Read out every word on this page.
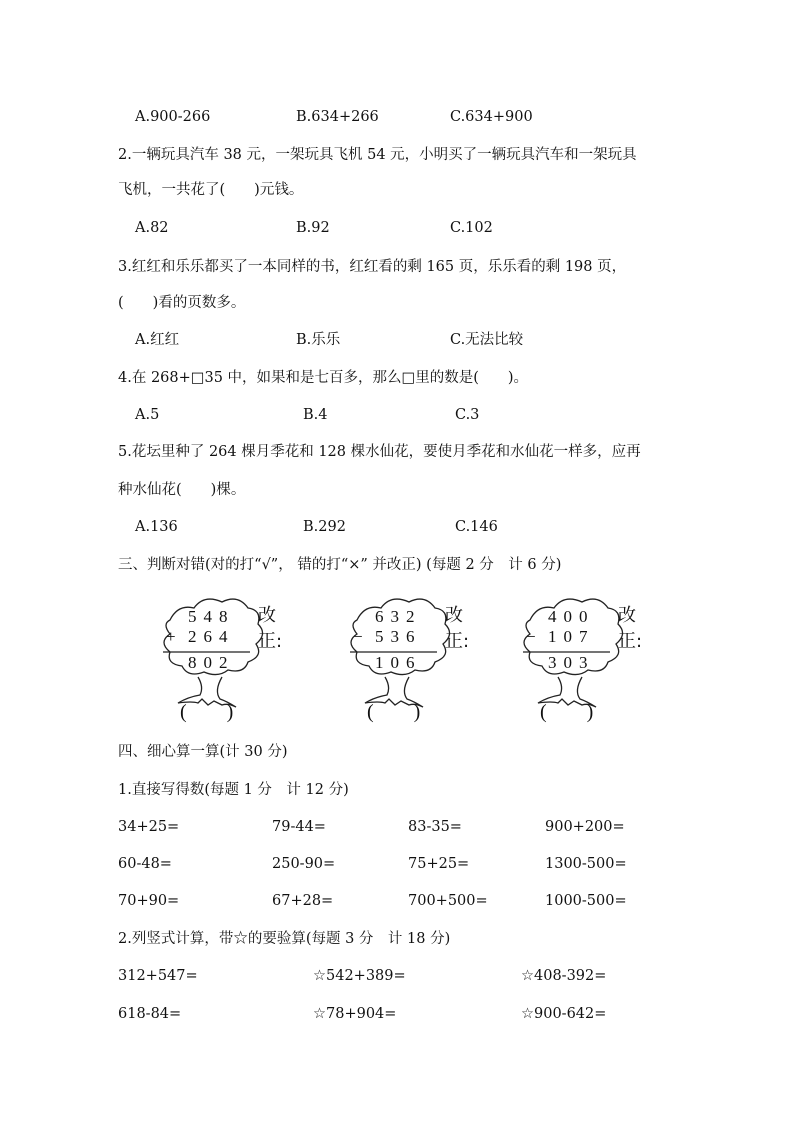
A.900-266	B.634+266	C.634+900
2.一辆玩具汽车 38 元，一架玩具飞机 54 元，小明买了一辆玩具汽车和一架玩具
飞机，一共花了(　　)元钱。
A.82	B.92	C.102
3.红红和乐乐都买了一本同样的书，红红看的剩 165 页，乐乐看的剩 198 页，
(　　)看的页数多。
A.红红	B.乐乐	C.无法比较
4.在 268+□35 中，如果和是七百多，那么□里的数是(　　)。
A.5	B.4	C.3
5.花坛里种了 264 棵月季花和 128 棵水仙花，要使月季花和水仙花一样多，应再
种水仙花(　　)棵。
A.136	B.292	C.146
三、判断对错(对的打“√”， 错的打“×” 并改正) (每题 2 分　计 6 分)
548
+ 264
802
改正:
(　　)
632
− 536
106
改正:
(　　)
400
− 107
303
改正:
(　　)
四、细心算一算(计 30 分)
1.直接写得数(每题 1 分　计 12 分)
34+25=	79-44=	83-35=	900+200=
60-48=	250-90=	75+25=	1300-500=
70+90=	67+28=	700+500=	1000-500=
2.列竖式计算，带☆的要验算(每题 3 分　计 18 分)
312+547=	☆542+389=	☆408-392=
618-84=	☆78+904=	☆900-642=
